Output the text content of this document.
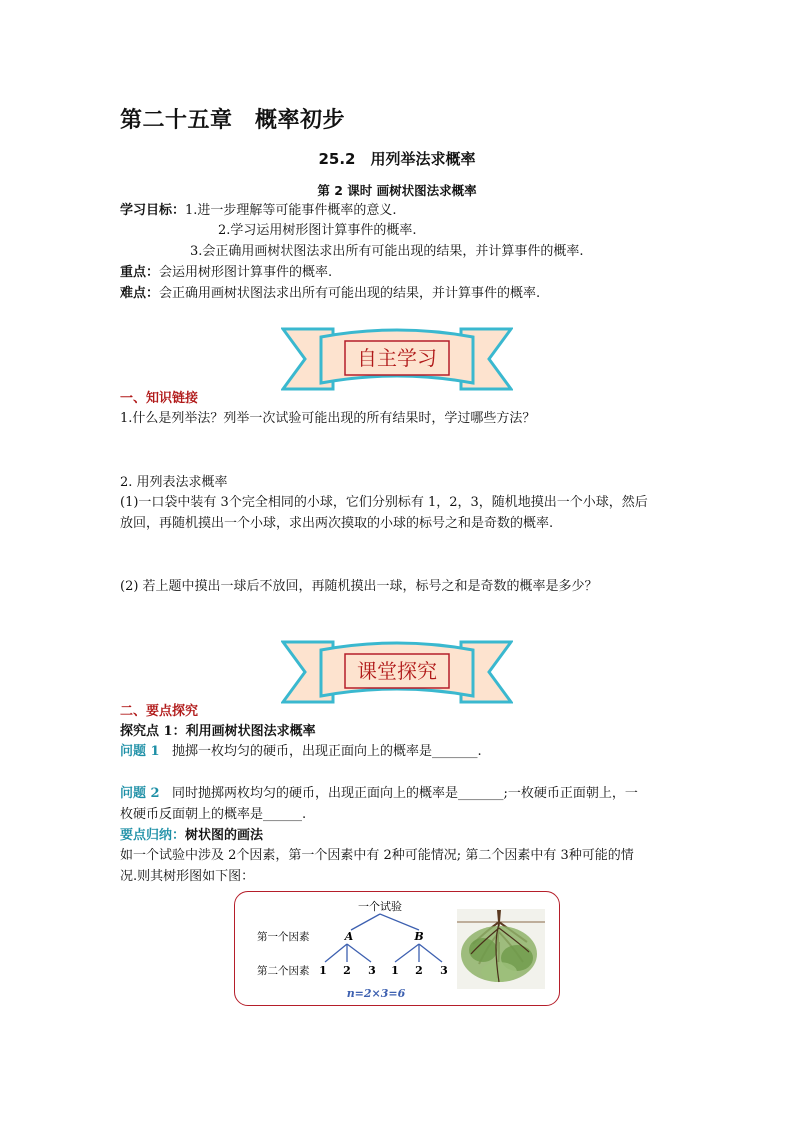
第二十五章　概率初步
25.2　用列举法求概率
第 2 课时 画树状图法求概率
学习目标：1.进一步理解等可能事件概率的意义.
2.学习运用树形图计算事件的概率.
3.会正确用画树状图法求出所有可能出现的结果，并计算事件的概率.
重点：会运用树形图计算事件的概率.
难点：会正确用画树状图法求出所有可能出现的结果，并计算事件的概率.
自主学习
一、知识链接
1.什么是列举法？列举一次试验可能出现的所有结果时，学过哪些方法？
2. 用列表法求概率
(1)一口袋中装有 3个完全相同的小球，它们分别标有 1，2，3，随机地摸出一个小球，然后
放回，再随机摸出一个小球，求出两次摸取的小球的标号之和是奇数的概率.
(2) 若上题中摸出一球后不放回，再随机摸出一球，标号之和是奇数的概率是多少？
课堂探究
二、要点探究
探究点 1：利用画树状图法求概率
问题 1 抛掷一枚均匀的硬币，出现正面向上的概率是_______.
问题 2 同时抛掷两枚均匀的硬币，出现正面向上的概率是_______;一枚硬币正面朝上，一
枚硬币反面朝上的概率是______.
要点归纳：树状图的画法
如一个试验中涉及 2个因素，第一个因素中有 2种可能情况; 第二个因素中有 3种可能的情
况.则其树形图如下图：
一个试验
第一个因素	A	B
第二个因素 1 2 3 1 2 3
n=2×3=6
